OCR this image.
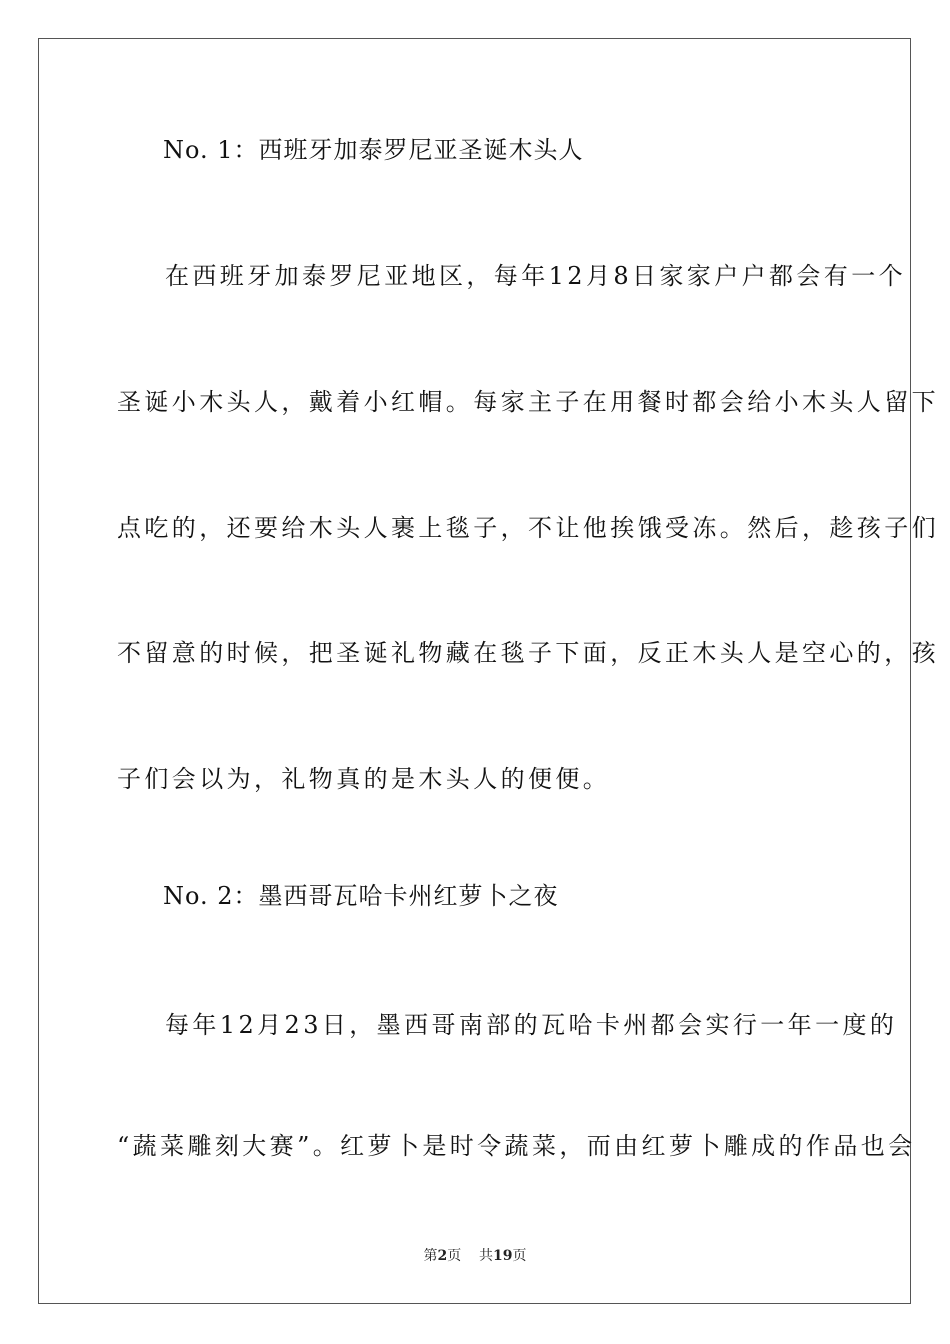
No. 1：西班牙加泰罗尼亚圣诞木头人
在西班牙加泰罗尼亚地区，每年12月8日家家户户都会有一个
圣诞小木头人，戴着小红帽。每家主子在用餐时都会给小木头人留下
点吃的，还要给木头人裹上毯子，不让他挨饿受冻。然后，趁孩子们
不留意的时候，把圣诞礼物藏在毯子下面，反正木头人是空心的，孩
子们会以为，礼物真的是木头人的便便。
No. 2：墨西哥瓦哈卡州红萝卜之夜
每年12月23日，墨西哥南部的瓦哈卡州都会实行一年一度的
“蔬菜雕刻大赛”。红萝卜是时令蔬菜，而由红萝卜雕成的作品也会
第2页 共19页
